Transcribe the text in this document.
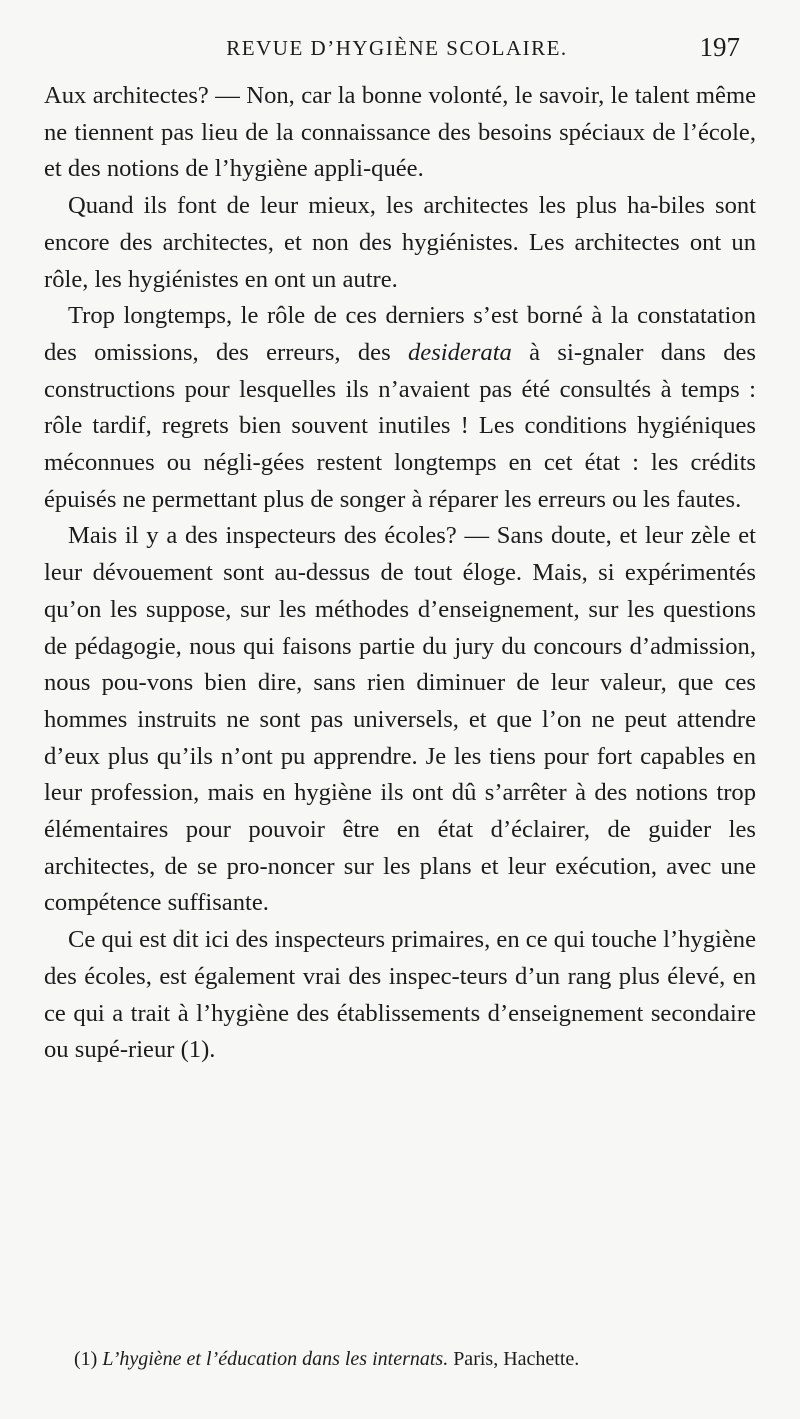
REVUE D’HYGIÈNE SCOLAIRE.	197

Aux architectes? — Non, car la bonne volonté, le savoir, le talent même ne tiennent pas lieu de la connaissance des besoins spéciaux de l’école, et des notions de l’hygiène appli-quée.

Quand ils font de leur mieux, les architectes les plus ha-biles sont encore des architectes, et non des hygiénistes. Les architectes ont un rôle, les hygiénistes en ont un autre.

Trop longtemps, le rôle de ces derniers s’est borné à la constatation des omissions, des erreurs, des desiderata à si-gnaler dans des constructions pour lesquelles ils n’avaient pas été consultés à temps : rôle tardif, regrets bien souvent inutiles ! Les conditions hygiéniques méconnues ou négli-gées restent longtemps en cet état : les crédits épuisés ne permettant plus de songer à réparer les erreurs ou les fautes.

Mais il y a des inspecteurs des écoles? — Sans doute, et leur zèle et leur dévouement sont au-dessus de tout éloge. Mais, si expérimentés qu’on les suppose, sur les méthodes d’enseignement, sur les questions de pédagogie, nous qui faisons partie du jury du concours d’admission, nous pou-vons bien dire, sans rien diminuer de leur valeur, que ces hommes instruits ne sont pas universels, et que l’on ne peut attendre d’eux plus qu’ils n’ont pu apprendre. Je les tiens pour fort capables en leur profession, mais en hygiène ils ont dû s’arrêter à des notions trop élémentaires pour pouvoir être en état d’éclairer, de guider les architectes, de se pro-noncer sur les plans et leur exécution, avec une compétence suffisante.

Ce qui est dit ici des inspecteurs primaires, en ce qui touche l’hygiène des écoles, est également vrai des inspec-teurs d’un rang plus élevé, en ce qui a trait à l’hygiène des établissements d’enseignement secondaire ou supé-rieur (1).

(1) L’hygiène et l’éducation dans les internats. Paris, Hachette.
